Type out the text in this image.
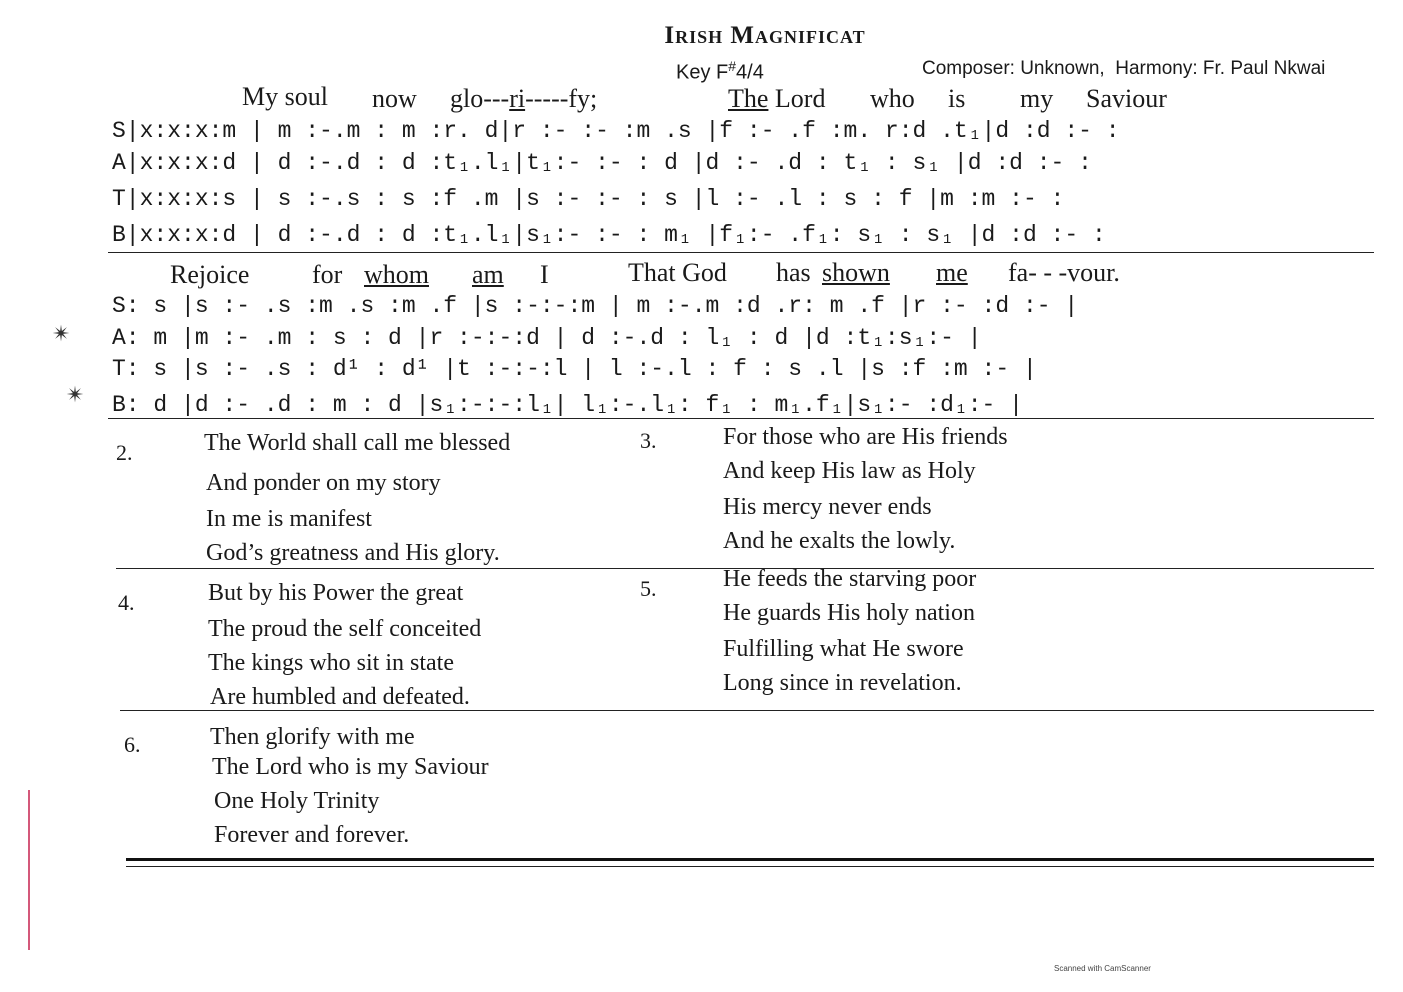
Irish Magnificat
Key F#4/4	Composer: Unknown,  Harmony: Fr. Paul Nkwai
My soul now glo---ri-----fy;	The Lord who is my Saviour
S|x:x:x:m | m :-.m : m :r. d|r :- :- :m .s |f :- .f :m. r:d .t₁|d :d :- :
A|x:x:x:d | d :-.d : d :t₁.l₁|t₁:- :- : d |d :- .d : t₁ : s₁ |d :d :- :
T|x:x:x:s | s :-.s : s :f .m |s :- :- : s |l :- .l : s : f |m :m :- :
B|x:x:x:d | d :-.d : d :t₁.l₁|s₁:- :- : m₁ |f₁:- .f₁: s₁ : s₁ |d :d :- :
Rejoice for whom am I	That God has shown me fa- - -vour.
S: s |s :- .s :m .s :m .f |s :-:-:m | m :-.m :d .r: m .f |r :- :d :- |
A: m |m :- .m : s : d |r :-:-:d | d :-.d : l₁ : d |d :t₁:s₁:- |
T: s |s :- .s : d¹ : d¹ |t :-:-:l | l :-.l : f : s .l |s :f :m :- |
B: d |d :- .d : m : d |s₁:-:-:l₁| l₁:-.l₁: f₁ : m₁.f₁|s₁:- :d₁:- |
✴
✴
2.	The World shall call me blessed
And ponder on my story
In me is manifest
God’s greatness and His glory.
3.	For those who are His friends
And keep His law as Holy
His mercy never ends
And he exalts the lowly.
4.	But by his Power the great
The proud the self conceited
The kings who sit in state
Are humbled and defeated.
5.	He feeds the starving poor
He guards His holy nation
Fulfilling what He swore
Long since in revelation.
6.	Then glorify with me
The Lord who is my Saviour
One Holy Trinity
Forever and forever.
Scanned with CamScanner
